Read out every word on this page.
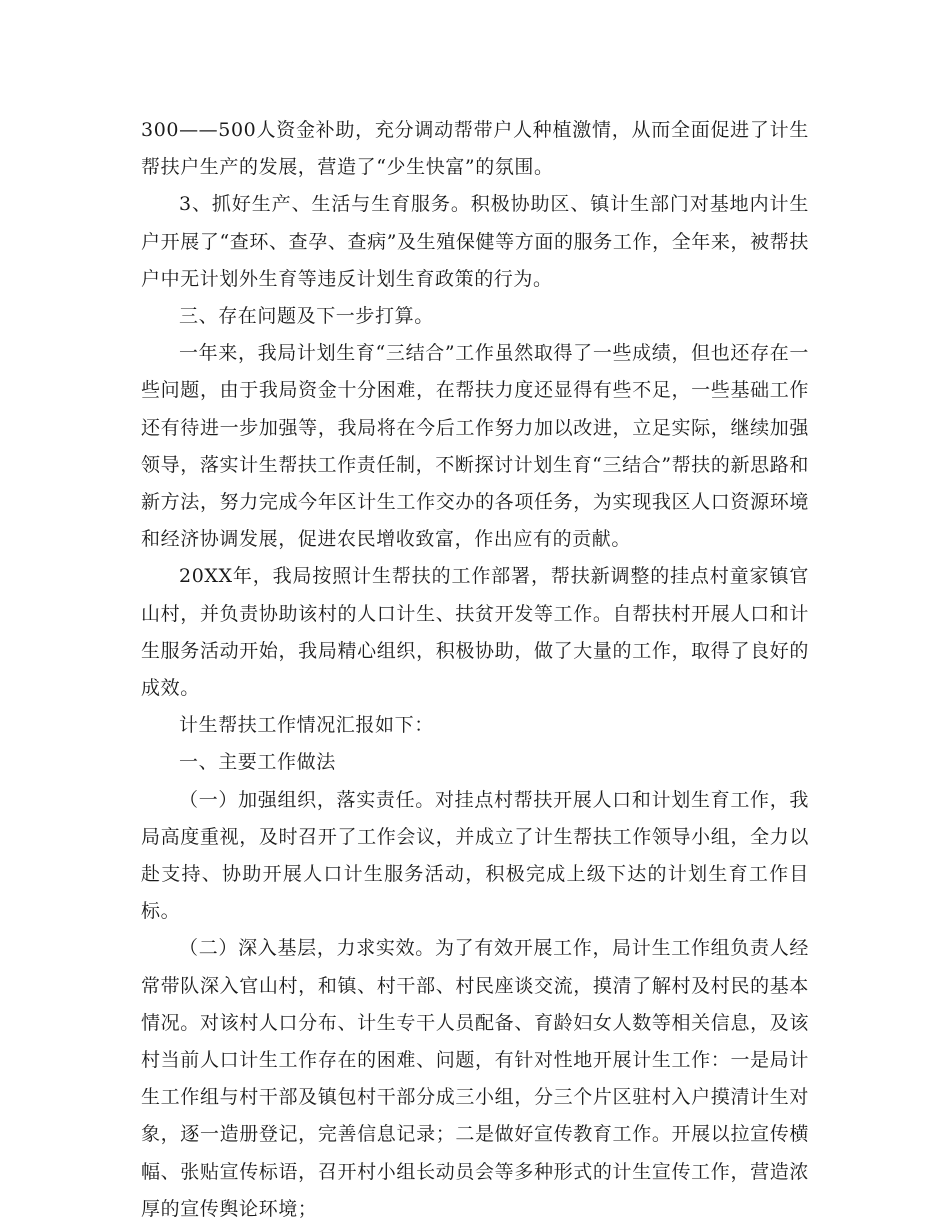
300——500人资金补助，充分调动帮带户人种植激情，从而全面促进了计生帮扶户生产的发展，营造了“少生快富”的氛围。

3、抓好生产、生活与生育服务。积极协助区、镇计生部门对基地内计生户开展了“查环、查孕、查病”及生殖保健等方面的服务工作，全年来，被帮扶户中无计划外生育等违反计划生育政策的行为。

三、存在问题及下一步打算。

一年来，我局计划生育“三结合”工作虽然取得了一些成绩，但也还存在一些问题，由于我局资金十分困难，在帮扶力度还显得有些不足，一些基础工作还有待进一步加强等，我局将在今后工作努力加以改进，立足实际，继续加强领导，落实计生帮扶工作责任制，不断探讨计划生育“三结合”帮扶的新思路和新方法，努力完成今年区计生工作交办的各项任务，为实现我区人口资源环境和经济协调发展，促进农民增收致富，作出应有的贡献。

20XX年，我局按照计生帮扶的工作部署，帮扶新调整的挂点村童家镇官山村，并负责协助该村的人口计生、扶贫开发等工作。自帮扶村开展人口和计生服务活动开始，我局精心组织，积极协助，做了大量的工作，取得了良好的成效。

计生帮扶工作情况汇报如下：

一、主要工作做法

（一）加强组织，落实责任。对挂点村帮扶开展人口和计划生育工作，我局高度重视，及时召开了工作会议，并成立了计生帮扶工作领导小组，全力以赴支持、协助开展人口计生服务活动，积极完成上级下达的计划生育工作目标。

（二）深入基层，力求实效。为了有效开展工作，局计生工作组负责人经常带队深入官山村，和镇、村干部、村民座谈交流，摸清了解村及村民的基本情况。对该村人口分布、计生专干人员配备、育龄妇女人数等相关信息，及该村当前人口计生工作存在的困难、问题，有针对性地开展计生工作：一是局计生工作组与村干部及镇包村干部分成三小组，分三个片区驻村入户摸清计生对象，逐一造册登记，完善信息记录；二是做好宣传教育工作。开展以拉宣传横幅、张贴宣传标语，召开村小组长动员会等多种形式的计生宣传工作，营造浓厚的宣传舆论环境；
